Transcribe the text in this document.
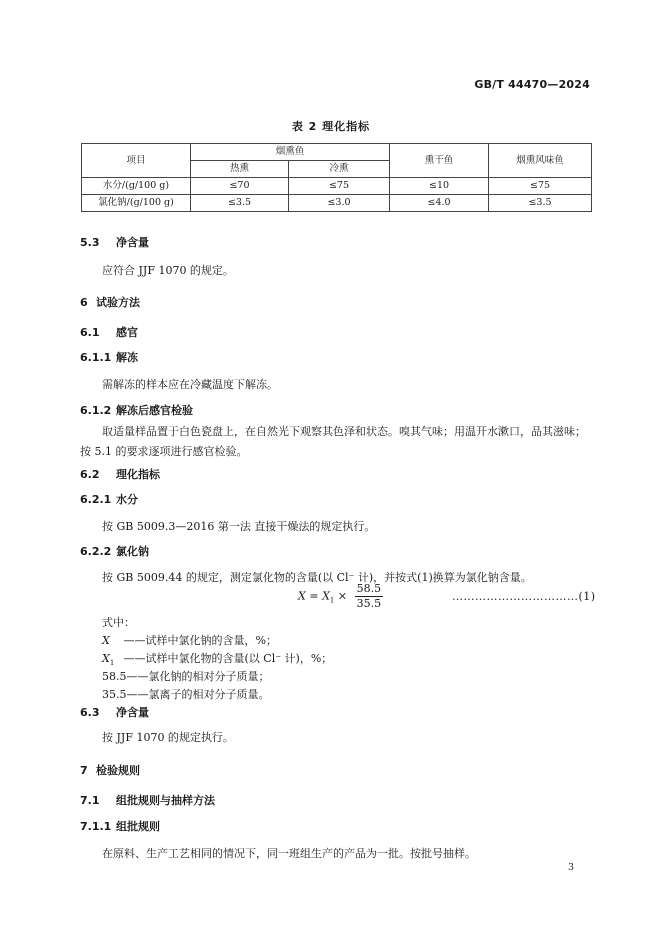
GB/T 44470—2024
表 2 理化指标
项目	烟熏鱼		熏干鱼	烟熏风味鱼
	热熏	冷熏		
水分/(g/100 g)	≤70	≤75	≤10	≤75
氯化钠/(g/100 g)	≤3.5	≤3.0	≤4.0	≤3.5
5.3 净含量
应符合 JJF 1070 的规定。
6 试验方法
6.1 感官
6.1.1 解冻
需解冻的样本应在冷藏温度下解冻。
6.1.2 解冻后感官检验
取适量样品置于白色瓷盘上，在自然光下观察其色泽和状态。嗅其气味；用温开水漱口，品其滋味；按 5.1 的要求逐项进行感官检验。
6.2 理化指标
6.2.1 水分
按 GB 5009.3—2016 第一法 直接干燥法的规定执行。
6.2.2 氯化钠
按 GB 5009.44 的规定，测定氯化物的含量(以 Cl⁻ 计)，并按式(1)换算为氯化钠含量。
$X = X_1 \times \frac{58.5}{35.5}$	……………………………(1)
式中：
X ——试样中氯化钠的含量，%；
$X_1$ ——试样中氯化物的含量(以 Cl⁻ 计)，%；
58.5——氯化钠的相对分子质量；
35.5——氯离子的相对分子质量。
6.3 净含量
按 JJF 1070 的规定执行。
7 检验规则
7.1 组批规则与抽样方法
7.1.1 组批规则
在原料、生产工艺相同的情况下，同一班组生产的产品为一批。按批号抽样。
3
